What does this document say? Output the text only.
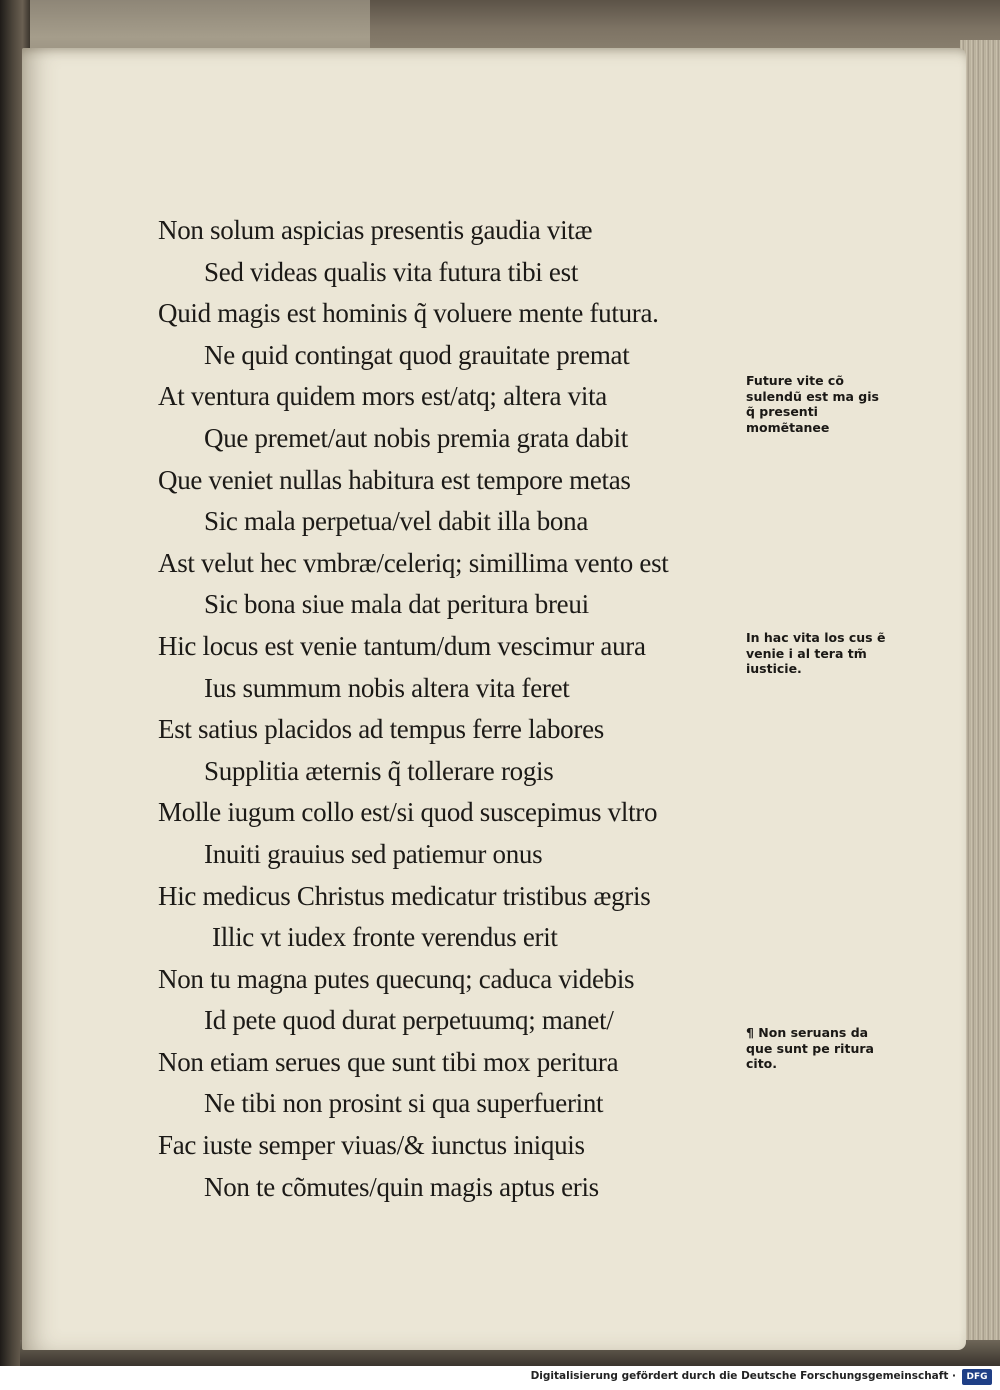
Non solum aspicias presentis gaudia vitæ
Sed videas qualis vita futura tibi est
Quid magis est hominis q̃ voluere mente futura.
Ne quid contingat quod grauitate premat
At ventura quidem mors est/atq; altera vita
Que premet/aut nobis premia grata dabit
Que veniet nullas habitura est tempore metas
Sic mala perpetua/vel dabit illa bona
Ast velut hec vmbræ/celeriq; simillima vento est
Sic bona siue mala dat peritura breui
Hic locus est venie tantum/dum vescimur aura
Ius summum nobis altera vita feret
Est satius placidos ad tempus ferre labores
Supplitia æternis q̃ tollerare rogis
Molle iugum collo est/si quod suscepimus vltro
Inuiti grauius sed patiemur onus
Hic medicus Christus medicatur tristibus ægris
Illic vt iudex fronte verendus erit
Non tu magna putes quecunq; caduca videbis
Id pete quod durat perpetuumq; manet/
Non etiam serues que sunt tibi mox peritura
Ne tibi non prosint si qua superfuerint
Fac iuste semper viuas/& iunctus iniquis
Non te cõmutes/quin magis aptus eris

Future vite cõ sulendũ est ma gis q̃ presenti momẽtanee

In hac vita los cus ẽ venie i al tera tm̃ iusticie.

¶ Non seruans da que sunt pe ritura cito.

Digitalisierung gefördert durch die Deutsche Forschungsgemeinschaft ·	DFG
